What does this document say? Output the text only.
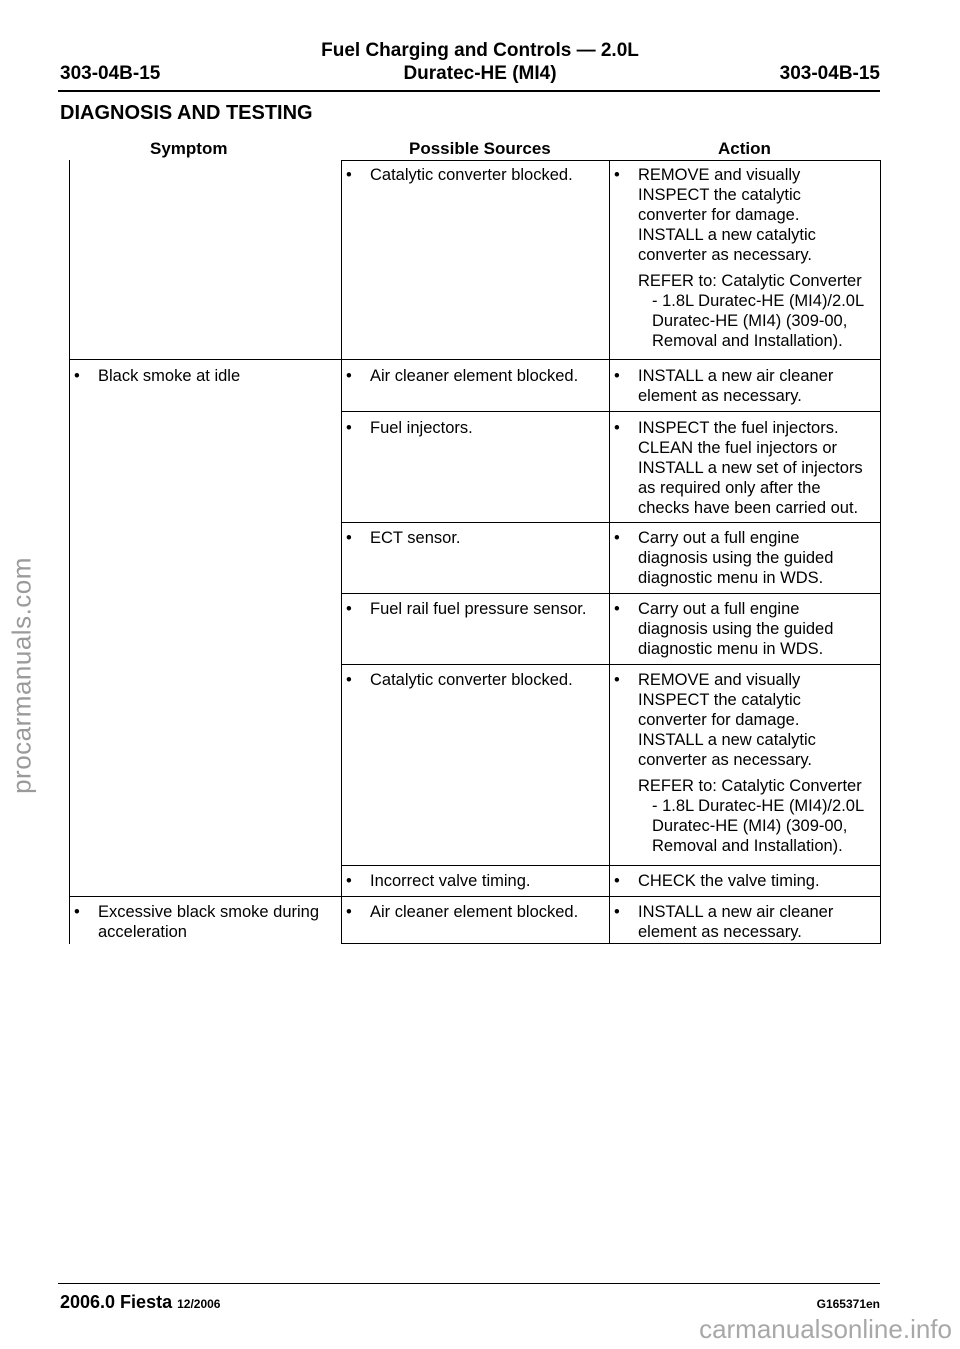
Fuel Charging and Controls — 2.0L
303-04B-15	Duratec-HE (MI4)	303-04B-15
DIAGNOSIS AND TESTING
Symptom	Possible Sources	Action
•	Catalytic converter blocked.	•	REMOVE and visually
INSPECT the catalytic
converter for damage.
INSTALL a new catalytic
converter as necessary.
REFER to: Catalytic Converter
- 1.8L Duratec-HE (MI4)/2.0L
Duratec-HE (MI4) (309-00,
Removal and Installation).
•	Black smoke at idle	•	Air cleaner element blocked.	•	INSTALL a new air cleaner
element as necessary.
•	Fuel injectors.	•	INSPECT the fuel injectors.
CLEAN the fuel injectors or
INSTALL a new set of injectors
as required only after the
checks have been carried out.
•	ECT sensor.	•	Carry out a full engine
diagnosis using the guided
diagnostic menu in WDS.
•	Fuel rail fuel pressure sensor.	•	Carry out a full engine
diagnosis using the guided
diagnostic menu in WDS.
•	Catalytic converter blocked.	•	REMOVE and visually
INSPECT the catalytic
converter for damage.
INSTALL a new catalytic
converter as necessary.
REFER to: Catalytic Converter
- 1.8L Duratec-HE (MI4)/2.0L
Duratec-HE (MI4) (309-00,
Removal and Installation).
•	Incorrect valve timing.	•	CHECK the valve timing.
•	Excessive black smoke during
acceleration
•	Air cleaner element blocked.	•	INSTALL a new air cleaner
element as necessary.
2006.0 Fiesta 12/2006	G165371en
procarmanuals.com
carmanualsonline.info
